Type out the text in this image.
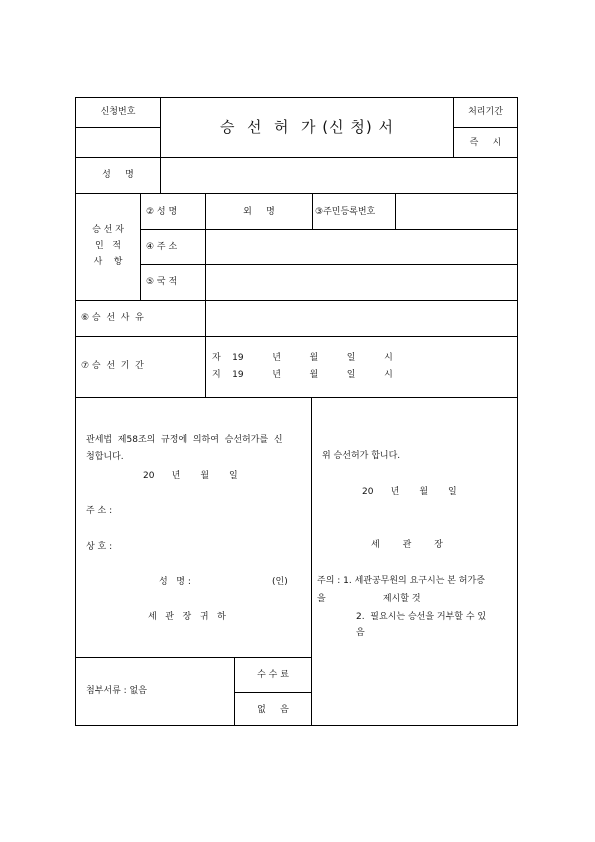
신청번호
승  선  허  가 (신 청) 서
처리기간
즉     시
성     명
승 선 자
인   적
사    항
② 성 명	외     명	③주민등록번호
④ 주 소
⑤ 국 적
⑥ 승  선  사  유
⑦ 승  선  기  간
자    19          년          월          일          시
지    19          년          월          일          시
관세법  제58조의  규정에  의하여  승선허가를  신
청합니다.
20      년       월       일
주 소 :
상 호 :
성   명 :	(인)
세   관   장   귀   하
위 승선허가 합니다.
20      년       월       일
세        관        장
주의 : 1. 세관공무원의 요구시는 본 허가증
을                    제시할 것
2.  필요시는 승선을 거부할 수 있
음
첨부서류 : 없음
수 수 료
없     음
